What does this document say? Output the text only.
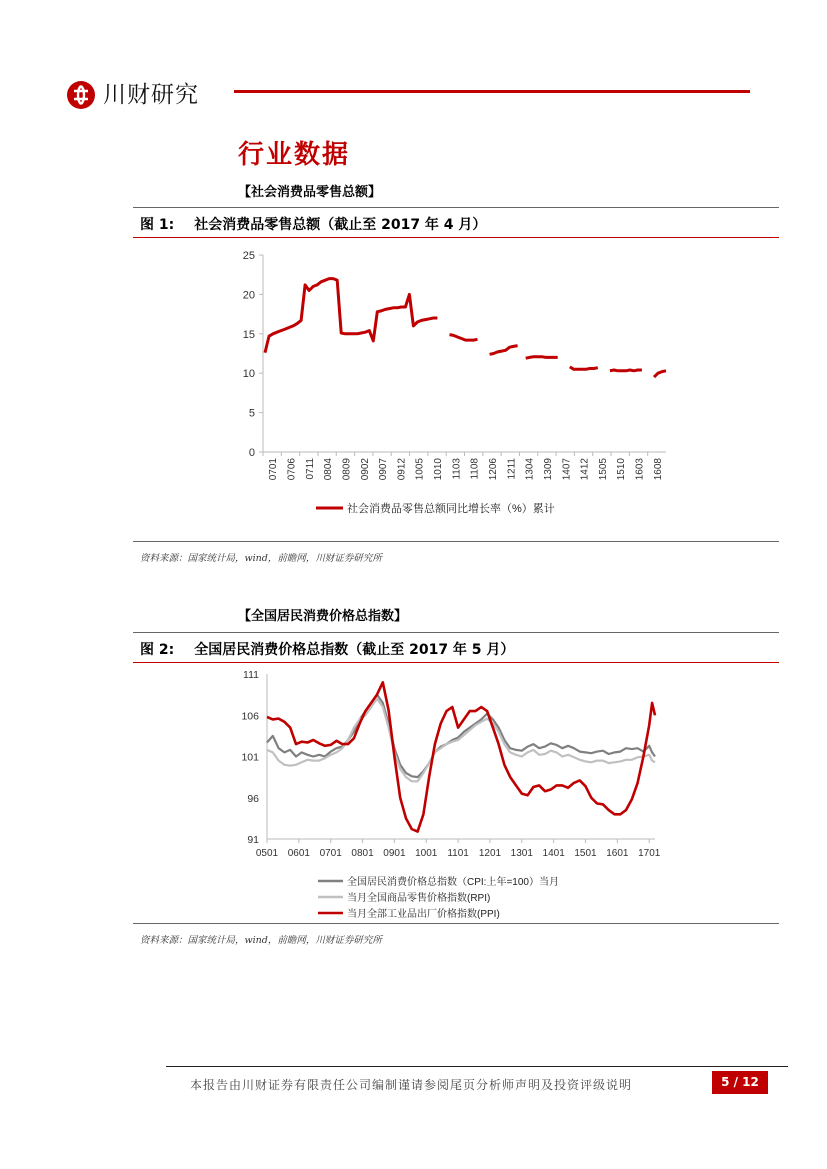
川财研究
行业数据
【社会消费品零售总额】
图 1: 社会消费品零售总额（截止至 2017 年 4 月）
0
5
10
15
20
25
0701 0706 0711 0804 0809 0902 0907 0912 1005 1010 1103 1108 1206 1211 1304 1309 1407 1412 1505 1510 1603 1608
社会消费品零售总额同比增长率（%）累计
资料来源：国家统计局，wind，前瞻网，川财证券研究所
【全国居民消费价格总指数】
图 2: 全国居民消费价格总指数（截止至 2017 年 5 月）
91
96
101
106
111
0501 0601 0701 0801 0901 1001 1101 1201 1301 1401 1501 1601 1701
全国居民消费价格总指数（CPI:上年=100）当月
当月全国商品零售价格指数(RPI)
当月全部工业品出厂价格指数(PPI)
资料来源：国家统计局，wind，前瞻网，川财证券研究所
本报告由川财证券有限责任公司编制谨请参阅尾页分析师声明及投资评级说明	5 / 12
